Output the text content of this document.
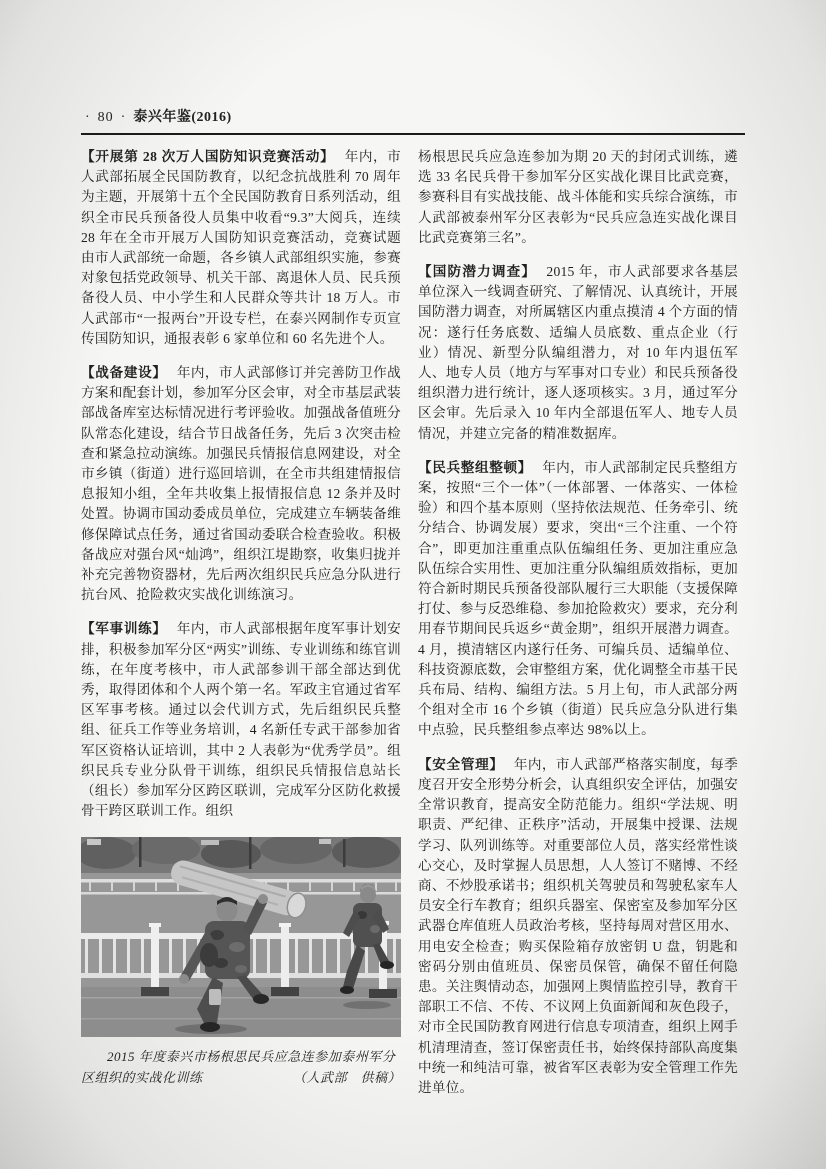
· 80 · 泰兴年鉴(2016)

【开展第 28 次万人国防知识竞赛活动】 年内，市人武部拓展全民国防教育，以纪念抗战胜利 70 周年为主题，开展第十五个全民国防教育日系列活动，组织全市民兵预备役人员集中收看“9.3”大阅兵，连续 28 年在全市开展万人国防知识竞赛活动，竞赛试题由市人武部统一命题，各乡镇人武部组织实施，参赛对象包括党政领导、机关干部、离退休人员、民兵预备役人员、中小学生和人民群众等共计 18 万人。市人武部市“一报两台”开设专栏，在泰兴网制作专页宣传国防知识，通报表彰 6 家单位和 60 名先进个人。

【战备建设】 年内，市人武部修订并完善防卫作战方案和配套计划，参加军分区会审，对全市基层武装部战备库室达标情况进行考评验收。加强战备值班分队常态化建设，结合节日战备任务，先后 3 次突击检查和紧急拉动演练。加强民兵情报信息网建设，对全市乡镇（街道）进行巡回培训，在全市共组建情报信息报知小组，全年共收集上报情报信息 12 条并及时处置。协调市国动委成员单位，完成建立车辆装备维修保障试点任务，通过省国动委联合检查验收。积极备战应对强台风“灿鸿”，组织江堤勘察，收集归拢并补充完善物资器材，先后两次组织民兵应急分队进行抗台风、抢险救灾实战化训练演习。

【军事训练】 年内，市人武部根据年度军事计划安排，积极参加军分区“两实”训练、专业训练和练官训练，在年度考核中，市人武部参训干部全部达到优秀，取得团体和个人两个第一名。军政主官通过省军区军事考核。通过以会代训方式，先后组织民兵整组、征兵工作等业务培训，4 名新任专武干部参加省军区资格认证培训，其中 2 人表彰为“优秀学员”。组织民兵专业分队骨干训练，组织民兵情报信息站长（组长）参加军分区跨区联训，完成军分区防化救援骨干跨区联训工作。组织

2015 年度泰兴市杨根思民兵应急连参加泰州军分
区组织的实战化训练	（人武部　供稿）

杨根思民兵应急连参加为期 20 天的封闭式训练，遴选 33 名民兵骨干参加军分区实战化课目比武竞赛，参赛科目有实战技能、战斗体能和实兵综合演练，市人武部被泰州军分区表彰为“民兵应急连实战化课目比武竞赛第三名”。

【国防潜力调查】 2015 年，市人武部要求各基层单位深入一线调查研究、了解情况、认真统计，开展国防潜力调查，对所属辖区内重点摸清 4 个方面的情况：遂行任务底数、适编人员底数、重点企业（行业）情况、新型分队编组潜力，对 10 年内退伍军人、地专人员（地方与军事对口专业）和民兵预备役组织潜力进行统计，逐人逐项核实。3 月，通过军分区会审。先后录入 10 年内全部退伍军人、地专人员情况，并建立完备的精准数据库。

【民兵整组整顿】 年内，市人武部制定民兵整组方案，按照“三个一体”（一体部署、一体落实、一体检验）和四个基本原则（坚持依法规范、任务牵引、统分结合、协调发展）要求，突出“三个注重、一个符合”，即更加注重重点队伍编组任务、更加注重应急队伍综合实用性、更加注重分队编组质效指标，更加符合新时期民兵预备役部队履行三大职能（支援保障打仗、参与反恐维稳、参加抢险救灾）要求，充分利用春节期间民兵返乡“黄金期”，组织开展潜力调查。4 月，摸清辖区内遂行任务、可编兵员、适编单位、科技资源底数，会审整组方案，优化调整全市基干民兵布局、结构、编组方法。5 月上旬，市人武部分两个组对全市 16 个乡镇（街道）民兵应急分队进行集中点验，民兵整组参点率达 98%以上。

【安全管理】 年内，市人武部严格落实制度，每季度召开安全形势分析会，认真组织安全评估，加强安全常识教育，提高安全防范能力。组织“学法规、明职责、严纪律、正秩序”活动，开展集中授课、法规学习、队列训练等。对重要部位人员，落实经常性谈心交心，及时掌握人员思想，人人签订不赌博、不经商、不炒股承诺书；组织机关驾驶员和驾驶私家车人员安全行车教育；组织兵器室、保密室及参加军分区武器仓库值班人员政治考核，坚持每周对营区用水、用电安全检查；购买保险箱存放密钥 U 盘，钥匙和密码分别由值班员、保密员保管，确保不留任何隐患。关注舆情动态，加强网上舆情监控引导，教育干部职工不信、不传、不议网上负面新闻和灰色段子，对市全民国防教育网进行信息专项清查，组织上网手机清理清查，签订保密责任书，始终保持部队高度集中统一和纯洁可靠，被省军区表彰为安全管理工作先进单位。
